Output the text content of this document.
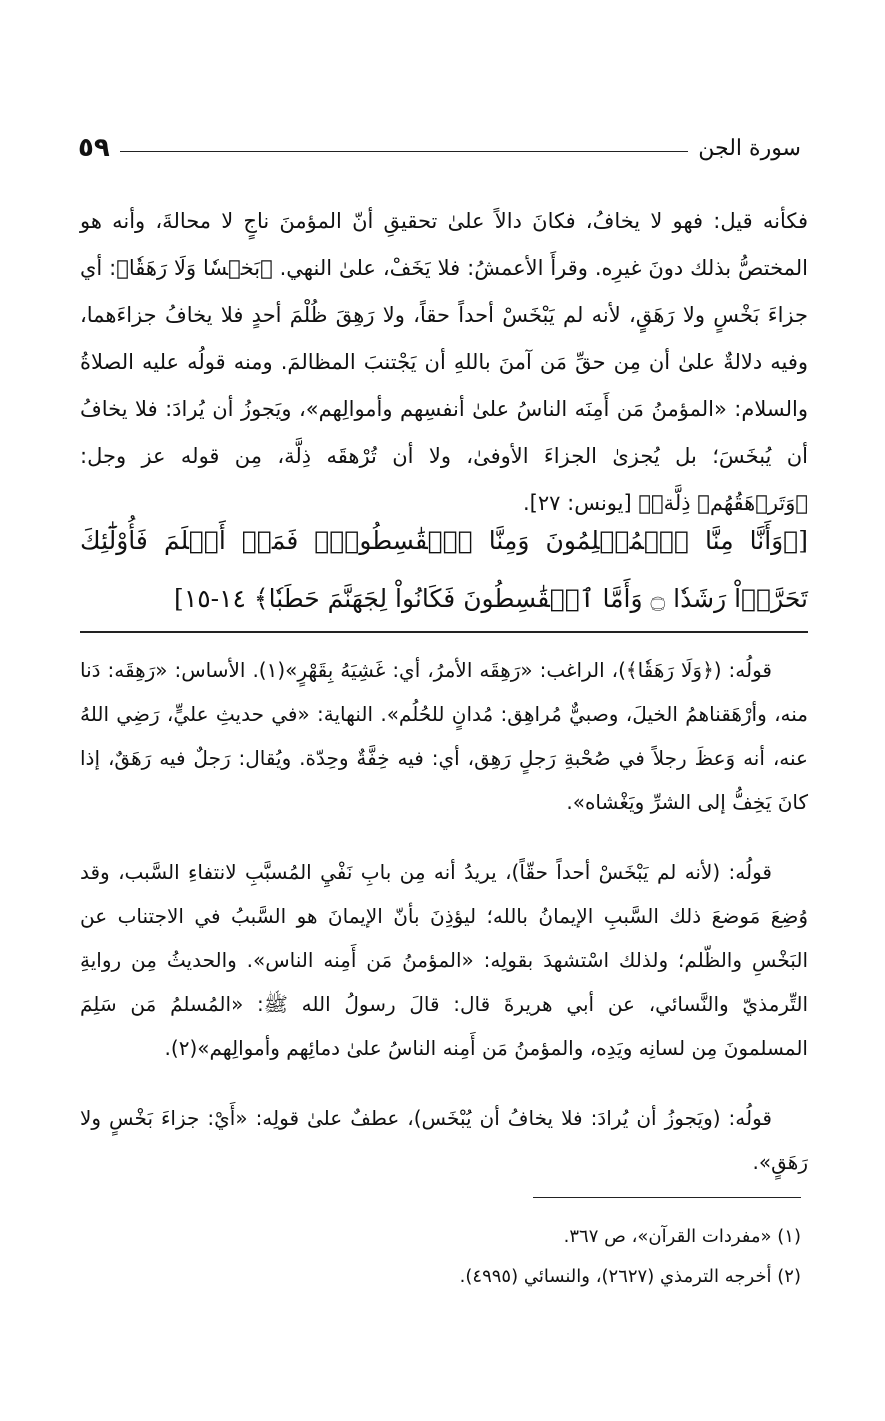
سورة الجن
٥٩

فكأنه قيل: فهو لا يخافُ، فكانَ دالاً علىٰ تحقيقِ أنّ المؤمنَ ناجٍ لا محالةَ، وأنه هو المختصُّ بذلك دونَ غيرِه. وقرأَ الأعمشُ: فلا يَخَفْ، علىٰ النهي. ﴿بَخۡسٗا وَلَا رَهَقٗا﴾: أي جزاءَ بَخْسٍ ولا رَهَقٍ، لأنه لم يَبْخَسْ أحداً حقاً، ولا رَهِقَ ظُلْمَ أحدٍ فلا يخافُ جزاءَهما، وفيه دلالةٌ علىٰ أن مِن حقِّ مَن آمنَ باللهِ أن يَجْتنبَ المظالمَ. ومنه قولُه عليه الصلاةُ والسلام: «المؤمنُ مَن أَمِنَه الناسُ علىٰ أنفسِهم وأموالِهم»، ويَجوزُ أن يُرادَ: فلا يخافُ أن يُبخَسَ؛ بل يُجزىٰ الجزاءَ الأوفىٰ، ولا أن تُرْهقَه ذِلَّة، مِن قوله عز وجل: ﴿وَتَرۡهَقُهُمۡ ذِلَّةٞ﴾ [يونس: ٢٧].

[﴿وَأَنَّا مِنَّا ٱلۡمُسۡلِمُونَ وَمِنَّا ٱلۡقَٰسِطُونَۖ فَمَنۡ أَسۡلَمَ فَأُوْلَٰٓئِكَ تَحَرَّوۡاْ رَشَدٗا ۝ وَأَمَّا ٱلۡقَٰسِطُونَ فَكَانُواْ لِجَهَنَّمَ حَطَبٗا﴾ ١٤-١٥]

قولُه: (﴿وَلَا رَهَقٗا﴾)، الراغب: «رَهِقَه الأمرُ، أي: غَشِيَهُ بِقَهْرٍ»(١). الأساس: «رَهِقَه: دَنا منه، وأرْهَقناهمُ الخيلَ، وصبيٌّ مُراهِق: مُدانٍ للحُلُم». النهاية: «في حديثِ عليٍّ، رَضِي اللهُ عنه، أنه وَعظَ رجلاً في صُحْبةِ رَجلٍ رَهِق، أي: فيه خِفَّةٌ وحِدّة. ويُقال: رَجلٌ فيه رَهَقٌ، إذا كانَ يَخِفُّ إلى الشرِّ ويَغْشاه».

قولُه: (لأنه لم يَبْخَسْ أحداً حقّاً)، يريدُ أنه مِن بابِ نَفْيِ المُسبَّبِ لانتفاءِ السَّبب، وقد وُضِعَ مَوضعَ ذلك السَّببِ الإيمانُ بالله؛ ليؤذِنَ بأنّ الإيمانَ هو السَّببُ في الاجتناب عن البَخْسِ والظّلم؛ ولذلك اسْتشهدَ بقولِه: «المؤمنُ مَن أَمِنه الناس». والحديثُ مِن روايةِ التِّرمذيّ والنَّسائي، عن أبي هريرةَ قال: قالَ رسولُ الله ﷺ: «المُسلمُ مَن سَلِمَ المسلمونَ مِن لسانِه ويَدِه، والمؤمنُ مَن أَمِنه الناسُ علىٰ دمائِهم وأموالِهم»(٢).

قولُه: (ويَجوزُ أن يُرادَ: فلا يخافُ أن يُبْخَس)، عطفٌ علىٰ قولِه: «أَيْ: جزاءَ بَخْسٍ ولا رَهَقٍ».

(١) «مفردات القرآن»، ص ٣٦٧.

(٢) أخرجه الترمذي (٢٦٢٧)، والنسائي (٤٩٩٥).
